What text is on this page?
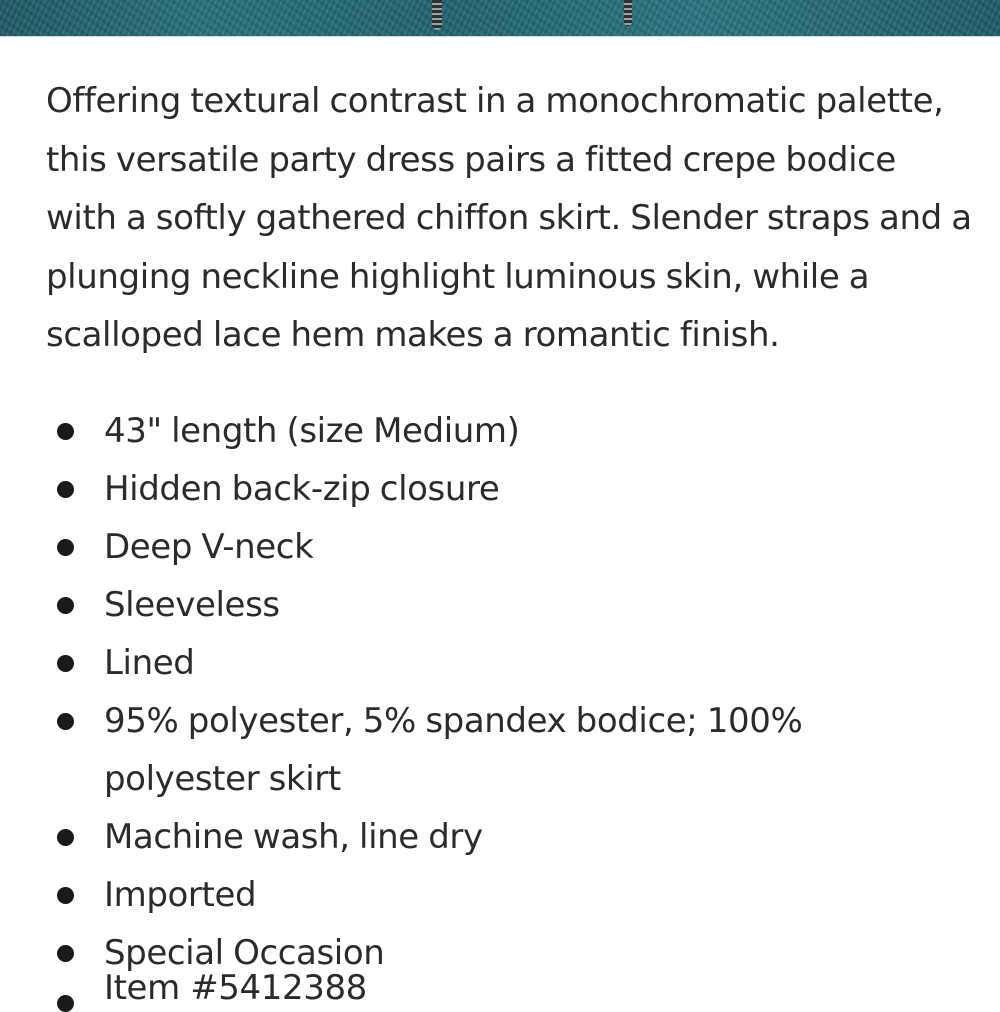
Offering textural contrast in a monochromatic palette,
this versatile party dress pairs a fitted crepe bodice
with a softly gathered chiffon skirt. Slender straps and a
plunging neckline highlight luminous skin, while a
scalloped lace hem makes a romantic finish.

43" length (size Medium)
Hidden back-zip closure
Deep V-neck
Sleeveless
Lined
95% polyester, 5% spandex bodice; 100% polyester skirt
Machine wash, line dry
Imported
Special Occasion
Item #5412388
